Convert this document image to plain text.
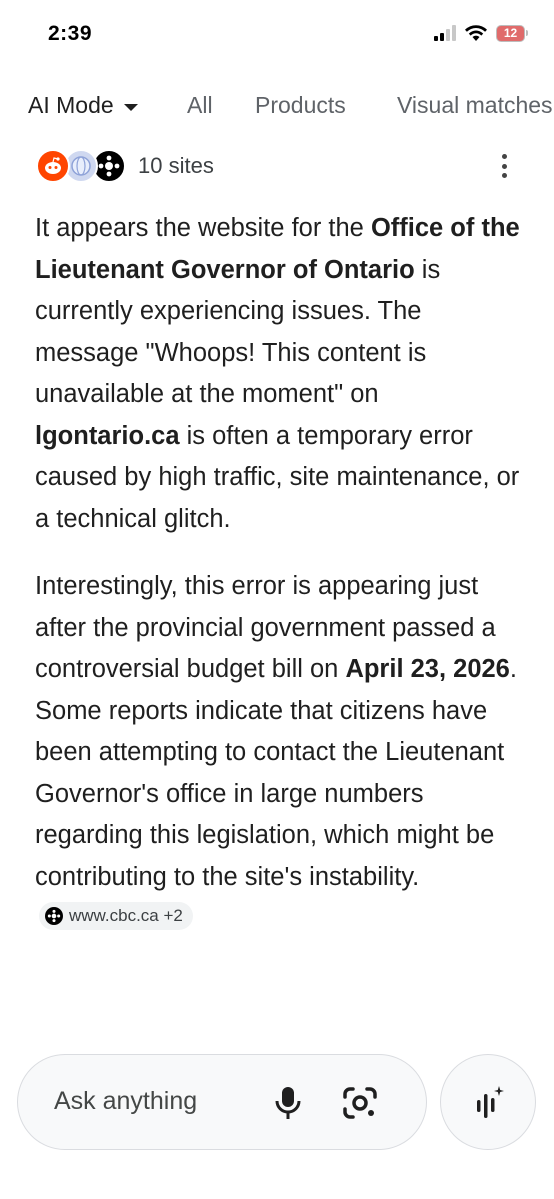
2:39	12
AI Mode	All Products Visual matches
10 sites

It appears the website for the Office of the Lieutenant Governor of Ontario is currently experiencing issues. The message "Whoops! This content is unavailable at the moment" on lgontario.ca is often a temporary error caused by high traffic, site maintenance, or a technical glitch.

Interestingly, this error is appearing just after the provincial government passed a controversial budget bill on April 23, 2026. Some reports indicate that citizens have been attempting to contact the Lieutenant Governor's office in large numbers regarding this legislation, which might be contributing to the site's instability.
www.cbc.ca +2

Ask anything
